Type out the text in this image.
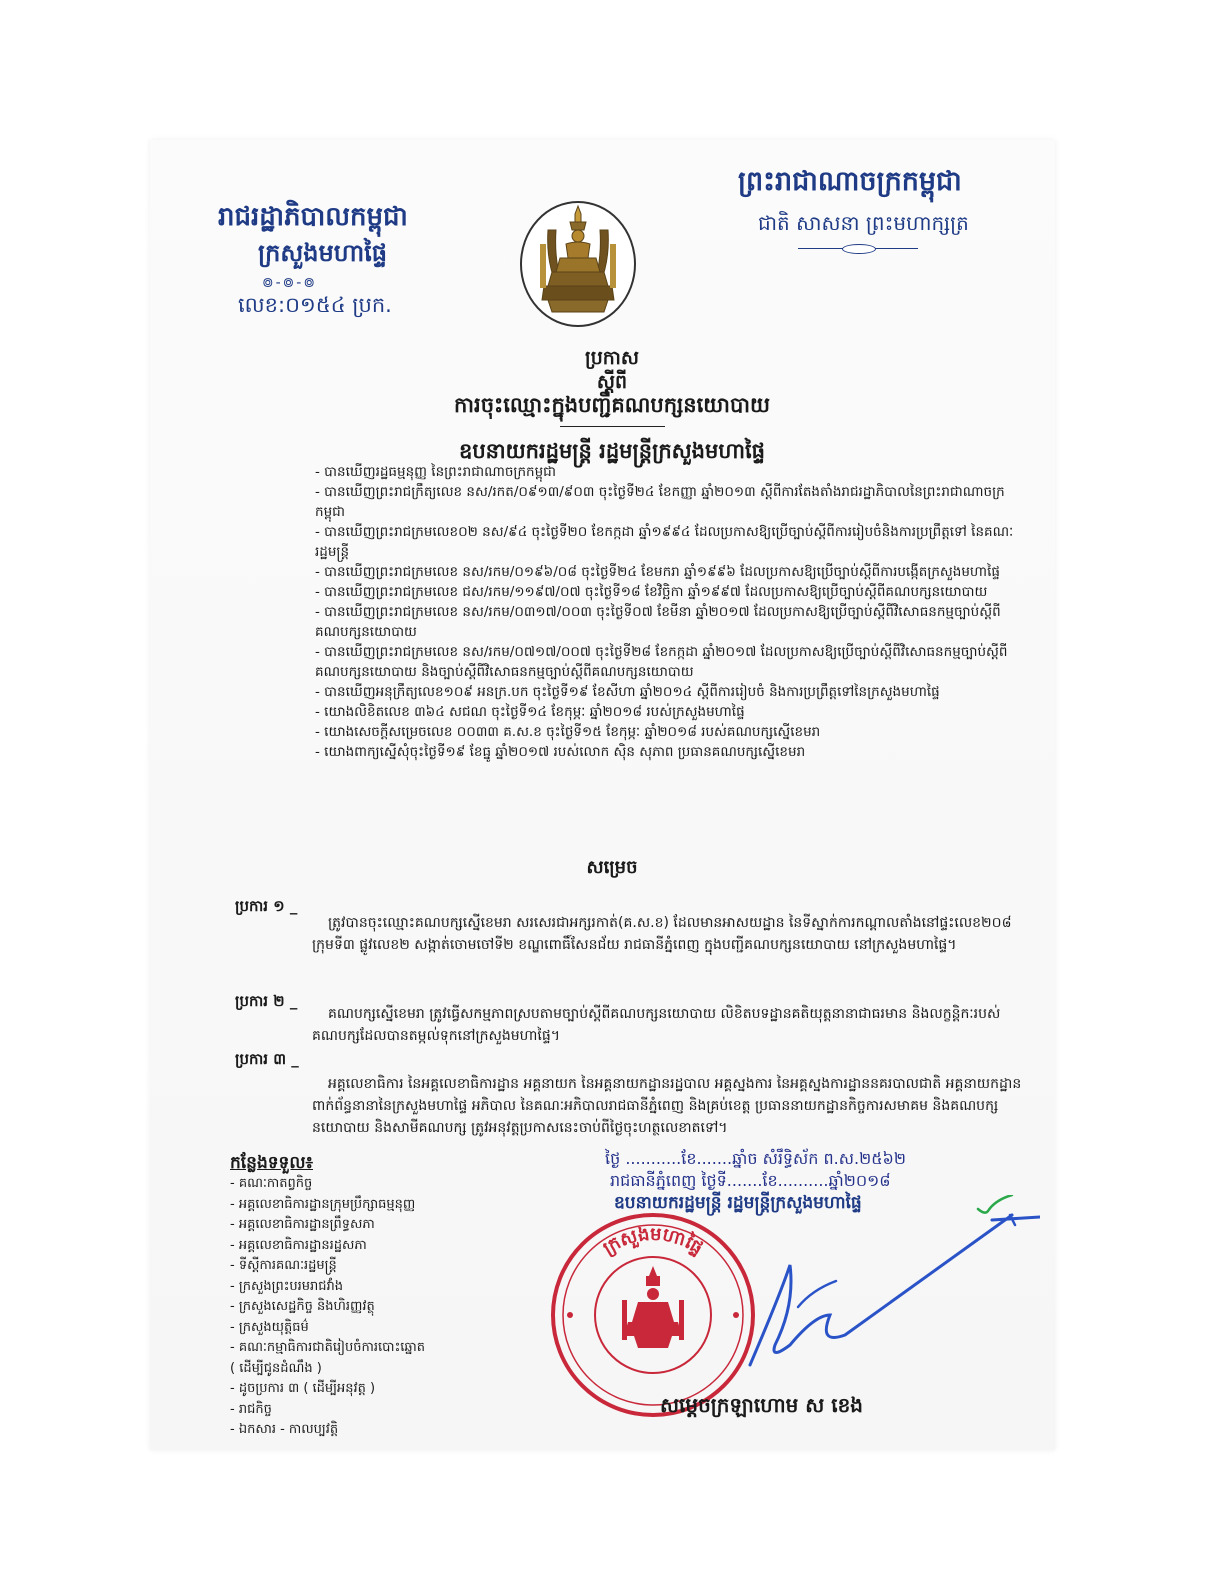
រាជរដ្ឋាភិបាលកម្ពុជា
ក្រសួងមហាផ្ទៃ
៙-៙-៙
លេខ:០១៥៤ ប្រក.
ព្រះរាជាណាចក្រកម្ពុជា
ជាតិ សាសនា ព្រះមហាក្សត្រ
ប្រកាស
ស្តីពី
ការចុះឈ្មោះក្នុងបញ្ជីគណបក្សនយោបាយ
ឧបនាយករដ្ឋមន្ត្រី រដ្ឋមន្ត្រីក្រសួងមហាផ្ទៃ
- បានឃើញរដ្ឋធម្មនុញ្ញ នៃព្រះរាជាណាចក្រកម្ពុជា
- បានឃើញព្រះរាជក្រឹត្យលេខ នស/រកត/០៩១៣/៩០៣ ចុះថ្ងៃទី២៤ ខែកញ្ញា ឆ្នាំ២០១៣ ស្តីពីការតែងតាំងរាជរដ្ឋាភិបាលនៃព្រះរាជាណាចក្រកម្ពុជា
- បានឃើញព្រះរាជក្រមលេខ០២ នស/៩៤ ចុះថ្ងៃទី២០ ខែកក្កដា ឆ្នាំ១៩៩៤ ដែលប្រកាសឱ្យប្រើច្បាប់ស្តីពីការរៀបចំនិងការប្រព្រឹត្តទៅ នៃគណៈរដ្ឋមន្ត្រី
- បានឃើញព្រះរាជក្រមលេខ នស/រកម/០១៩៦/០៨ ចុះថ្ងៃទី២៤ ខែមករា ឆ្នាំ១៩៩៦ ដែលប្រកាសឱ្យប្រើច្បាប់ស្តីពីការបង្កើតក្រសួងមហាផ្ទៃ
- បានឃើញព្រះរាជក្រមលេខ ជស/រកម/១១៩៧/០៧ ចុះថ្ងៃទី១៨ ខែវិច្ឆិកា ឆ្នាំ១៩៩៧ ដែលប្រកាសឱ្យប្រើច្បាប់ស្តីពីគណបក្សនយោបាយ
- បានឃើញព្រះរាជក្រមលេខ នស/រកម/០៣១៧/០០៣ ចុះថ្ងៃទី០៧ ខែមីនា ឆ្នាំ២០១៧ ដែលប្រកាសឱ្យប្រើច្បាប់ស្តីពីវិសោធនកម្មច្បាប់ស្តីពីគណបក្សនយោបាយ
- បានឃើញព្រះរាជក្រមលេខ នស/រកម/០៧១៧/០០៧ ចុះថ្ងៃទី២៨ ខែកក្កដា ឆ្នាំ២០១៧ ដែលប្រកាសឱ្យប្រើច្បាប់ស្តីពីវិសោធនកម្មច្បាប់ស្តីពីគណបក្សនយោបាយ និងច្បាប់ស្តីពីវិសោធនកម្មច្បាប់ស្តីពីគណបក្សនយោបាយ
- បានឃើញអនុក្រឹត្យលេខ១០៩ អនក្រ.បក ចុះថ្ងៃទី១៩ ខែសីហា ឆ្នាំ២០១៤ ស្តីពីការរៀបចំ និងការប្រព្រឹត្តទៅនៃក្រសួងមហាផ្ទៃ
- យោងលិខិតលេខ ៣៦៤ សជណ ចុះថ្ងៃទី១៤ ខែកុម្ភៈ ឆ្នាំ២០១៨ របស់ក្រសួងមហាផ្ទៃ
- យោងសេចក្តីសម្រេចលេខ ០០៣៣ គ.ស.ខ ចុះថ្ងៃទី១៥ ខែកុម្ភៈ ឆ្នាំ២០១៨ របស់គណបក្សស្នើខេមរា
- យោងពាក្យស្នើសុំចុះថ្ងៃទី១៩ ខែធ្នូ ឆ្នាំ២០១៧ របស់លោក ស៊ិន សុភាព ប្រធានគណបក្សស្នើខេមរា
សម្រេច
ប្រការ ១ _
ត្រូវបានចុះឈ្មោះគណបក្សស្នើខេមរា សរសេរជាអក្សរកាត់(គ.ស.ខ) ដែលមានអាសយដ្ឋាន នៃទីស្នាក់ការកណ្តាលតាំងនៅផ្ទះលេខ២០៨ ក្រុមទី៣ ផ្លូវលេខ២ សង្កាត់ចោមចៅទី២ ខណ្ឌពោធិ៍សែនជ័យ រាជធានីភ្នំពេញ ក្នុងបញ្ជីគណបក្សនយោបាយ នៅក្រសួងមហាផ្ទៃ។
ប្រការ ២ _
គណបក្សស្នើខេមរា ត្រូវធ្វើសកម្មភាពស្របតាមច្បាប់ស្តីពីគណបក្សនយោបាយ លិខិតបទដ្ឋានគតិយុត្តនានាជាធរមាន និងលក្ខន្តិកៈរបស់គណបក្សដែលបានតម្កល់ទុកនៅក្រសួងមហាផ្ទៃ។
ប្រការ ៣ _
អគ្គលេខាធិការ នៃអគ្គលេខាធិការដ្ឋាន អគ្គនាយក នៃអគ្គនាយកដ្ឋានរដ្ឋបាល អគ្គស្នងការ នៃអគ្គស្នងការដ្ឋាននគរបាលជាតិ អគ្គនាយកដ្ឋានពាក់ព័ន្ធនានានៃក្រសួងមហាផ្ទៃ អភិបាល នៃគណៈអភិបាលរាជធានីភ្នំពេញ និងគ្រប់ខេត្ត ប្រធាននាយកដ្ឋានកិច្ចការសមាគម និងគណបក្សនយោបាយ និងសាមីគណបក្ស ត្រូវអនុវត្តប្រកាសនេះចាប់ពីថ្ងៃចុះហត្ថលេខាតទៅ។
កន្លែងទទួល៖
- គណៈកាតព្វកិច្ច
- អគ្គលេខាធិការដ្ឋានក្រុមប្រឹក្សាធម្មនុញ្ញ
- អគ្គលេខាធិការដ្ឋានព្រឹទ្ធសភា
- អគ្គលេខាធិការដ្ឋានរដ្ឋសភា
- ទីស្តីការគណៈរដ្ឋមន្ត្រី
- ក្រសួងព្រះបរមរាជវាំង
- ក្រសួងសេដ្ឋកិច្ច និងហិរញ្ញវត្ថុ
- ក្រសួងយុត្តិធម៌
- គណៈកម្មាធិការជាតិរៀបចំការបោះឆ្នោត
( ដើម្បីជូនដំណឹង )
- ដូចប្រការ ៣ ( ដើម្បីអនុវត្ត )
- រាជកិច្ច
- ឯកសារ - កាលប្បវត្តិ
ថ្ងៃ ...........ខែ.......ឆ្នាំច សំរឹទ្ធិស័ក ព.ស.២៥៦២
រាជធានីភ្នំពេញ ថ្ងៃទី.......ខែ..........ឆ្នាំ២០១៨
ឧបនាយករដ្ឋមន្ត្រី រដ្ឋមន្ត្រីក្រសួងមហាផ្ទៃ
ក្រសួងមហាផ្ទៃ
សម្តេចក្រឡាហោម ស ខេង
